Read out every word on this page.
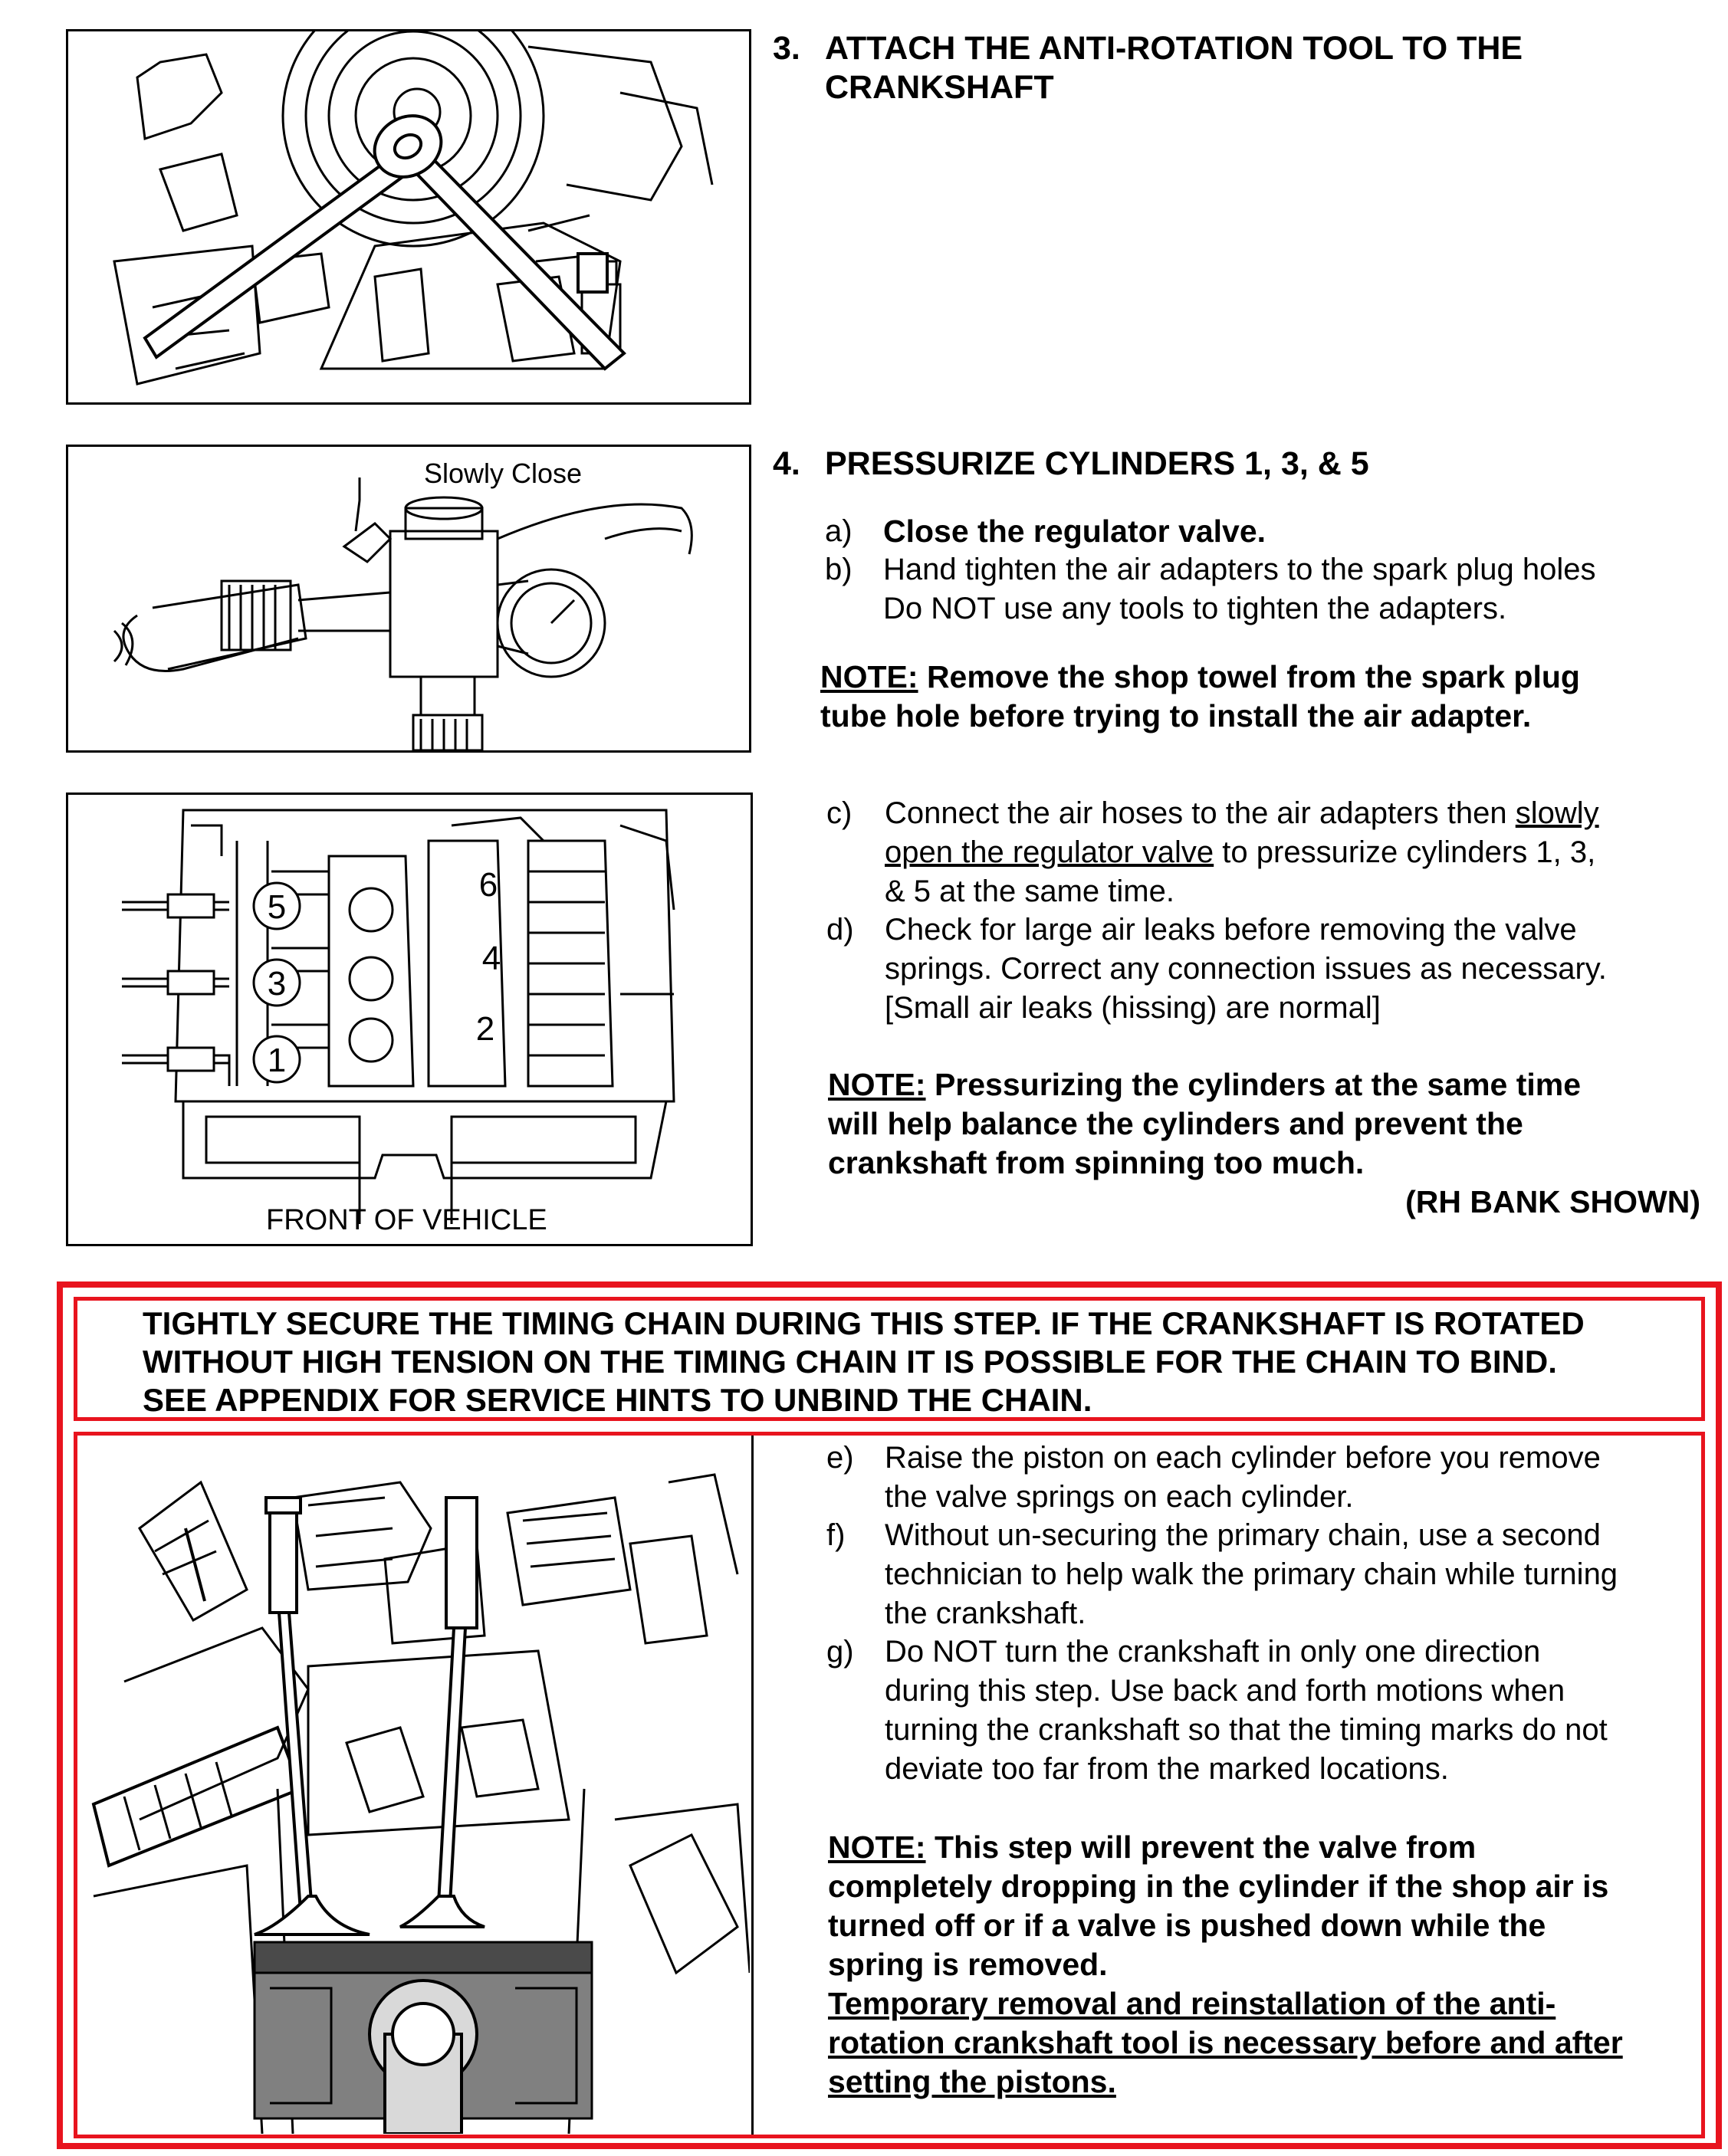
3. ATTACH THE ANTI-ROTATION TOOL TO THE
CRANKSHAFT
Slowly Close	4. PRESSURIZE CYLINDERS 1, 3, & 5
a) Close the regulator valve.
b) Hand tighten the air adapters to the spark plug holes
Do NOT use any tools to tighten the adapters.
NOTE: Remove the shop towel from the spark plug
tube hole before trying to install the air adapter.
5
3
1
6
4
2
FRONT OF VEHICLE
c) Connect the air hoses to the air adapters then slowly
open the regulator valve to pressurize cylinders 1, 3,
& 5 at the same time.
d) Check for large air leaks before removing the valve
springs. Correct any connection issues as necessary.
[Small air leaks (hissing) are normal]
NOTE: Pressurizing the cylinders at the same time
will help balance the cylinders and prevent the
crankshaft from spinning too much.
(RH BANK SHOWN)
TIGHTLY SECURE THE TIMING CHAIN DURING THIS STEP. IF THE CRANKSHAFT IS ROTATED
WITHOUT HIGH TENSION ON THE TIMING CHAIN IT IS POSSIBLE FOR THE CHAIN TO BIND.
SEE APPENDIX FOR SERVICE HINTS TO UNBIND THE CHAIN.
e) Raise the piston on each cylinder before you remove
the valve springs on each cylinder.
f) Without un-securing the primary chain, use a second
technician to help walk the primary chain while turning
the crankshaft.
g) Do NOT turn the crankshaft in only one direction
during this step. Use back and forth motions when
turning the crankshaft so that the timing marks do not
deviate too far from the marked locations.
NOTE: This step will prevent the valve from
completely dropping in the cylinder if the shop air is
turned off or if a valve is pushed down while the
spring is removed.
Temporary removal and reinstallation of the anti-
rotation crankshaft tool is necessary before and after
setting the pistons.
